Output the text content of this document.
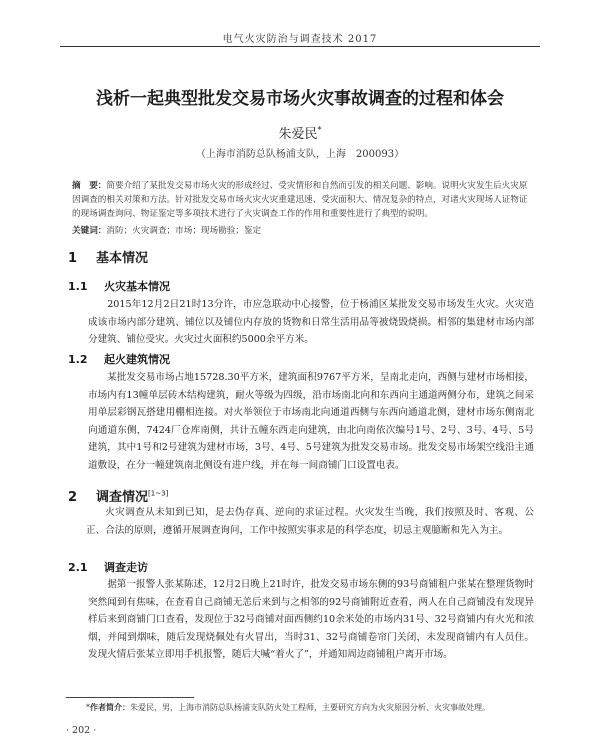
电气火灾防治与调查技术 2017
浅析一起典型批发交易市场火灾事故调查的过程和体会
朱爱民*
（上海市消防总队杨浦支队，上海　200093）
摘　要：简要介绍了某批发交易市场火灾的形成经过、受灾情形和自然而引发的相关问题、影响。说明火灾发生后火灾原因调查的相关对策和方法。针对批发交易市场火灾火灾重建迅速、受灾面积大、情况复杂的特点，对诸火灾现场人证物证的现场调查询问、物证鉴定等多项技术进行了火灾调查工作的作用和重要性进行了典型的说明。
关键词：消防；火灾调查；市场；现场勘验；鉴定
1 基本情况
1.1 火灾基本情况
2015年12月2日21时13分许，市应急联动中心接警，位于杨浦区某批发交易市场发生火灾。火灾造成该市场内部分建筑、铺位以及铺位内存放的货物和日常生活用品等被烧毁烧损。相邻的集建材市场内部分建筑、铺位受灾。火灾过火面积约5000余平方米。
1.2 起火建筑情况
某批发交易市场占地15728.30平方米，建筑面积9767平方米，呈南北走向，西侧与建材市场相接，市场内有13幢单层砖木结构建筑，耐火等级为四级，沿市场南北向和东西向主通道两侧分布，建筑之间采用单层彩钢瓦搭建用棚相连接。对火举领位于市场南北向通道西侧与东西向通道北侧，建材市场东侧南北向通道东侧，7424厂仓库南侧，共计五幢东西走向建筑，由北向南依次编号1号、2号、3号、4号、5号建筑，其中1号和2号建筑为建材市场，3号、4号、5号建筑为批发交易市场。批发交易市场架空线沿主通道敷设，在分一幢建筑南北侧设有进户线，并在每一间商铺门口设置电表。
2 调查情况[1~3]
火灾调查从未知到已知，是去伪存真、逆向的求证过程。火灾发生当晚，我们按照及时、客观、公正、合法的原则，遵循开展调查询问，工作中按照实事求是的科学态度，切忌主观臆断和先入为主。
2.1 调查走访
据第一报警人张某陈述，12月2日晚上21时许，批发交易市场东侧的93号商铺租户张某在整理货物时突然闻到有焦味，在查看自己商铺无恙后来到与之相邻的92号商铺附近查看，两人在自己商铺没有发现异样后来到商铺门口查看，发现位于32号商铺对面西侧约10余米处的市场内31号、32号商铺内有火光和浓烟，并闻到烟味，随后发现烧佩处有火冒出，当时31、32号商铺卷帘门关闭，未发现商铺内有人员住。发现火情后张某立即用手机报警，随后大喊“着火了”，并通知周边商铺租户离开市场。
*作者简介：朱爱民，男，上海市消防总队杨浦支队防火处工程师，主要研究方向为火灾原因分析、火灾事故处理。
· 202 ·
